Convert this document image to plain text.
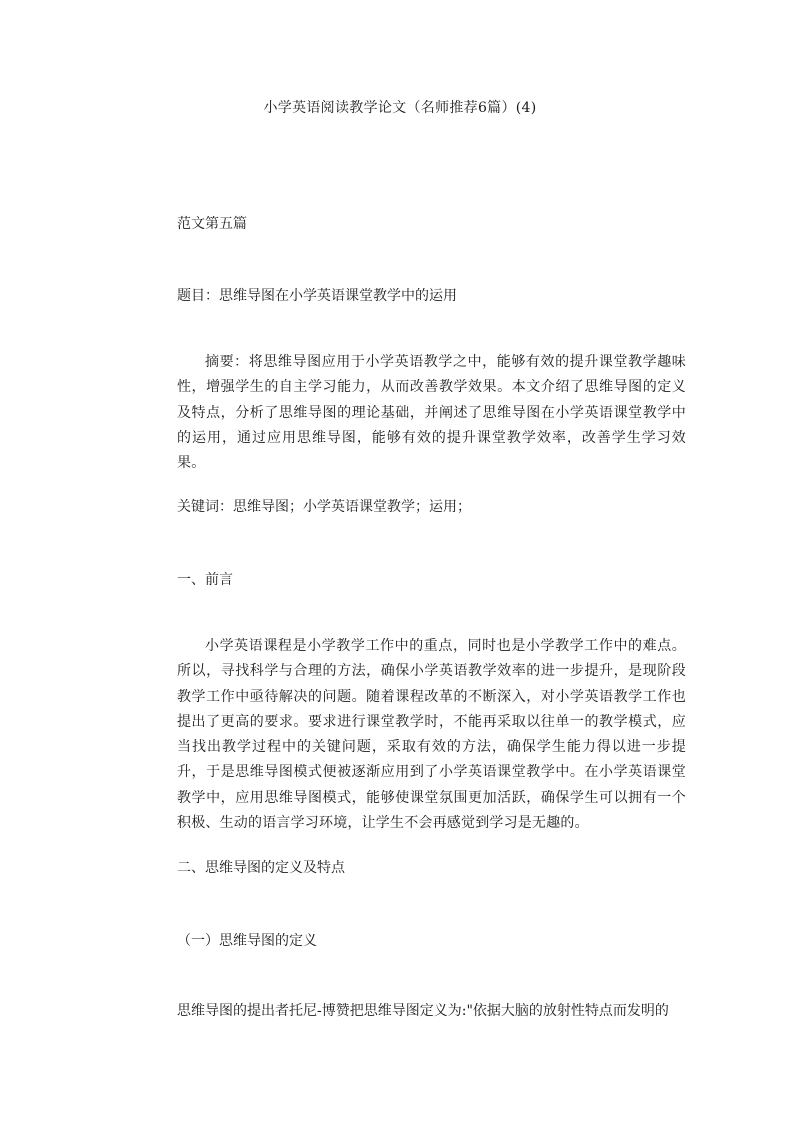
小学英语阅读教学论文（名师推荐6篇）(4)
范文第五篇
题目：思维导图在小学英语课堂教学中的运用
摘要：将思维导图应用于小学英语教学之中，能够有效的提升课堂教学趣味性，增强学生的自主学习能力，从而改善教学效果。本文介绍了思维导图的定义及特点，分析了思维导图的理论基础，并阐述了思维导图在小学英语课堂教学中的运用，通过应用思维导图，能够有效的提升课堂教学效率，改善学生学习效果。
关键词：思维导图；小学英语课堂教学；运用；
一、前言
小学英语课程是小学教学工作中的重点，同时也是小学教学工作中的难点。所以，寻找科学与合理的方法，确保小学英语教学效率的进一步提升，是现阶段教学工作中亟待解决的问题。随着课程改革的不断深入，对小学英语教学工作也提出了更高的要求。要求进行课堂教学时，不能再采取以往单一的教学模式，应当找出教学过程中的关键问题，采取有效的方法，确保学生能力得以进一步提升，于是思维导图模式便被逐渐应用到了小学英语课堂教学中。在小学英语课堂教学中，应用思维导图模式，能够使课堂氛围更加活跃，确保学生可以拥有一个积极、生动的语言学习环境，让学生不会再感觉到学习是无趣的。
二、思维导图的定义及特点
（一）思维导图的定义
思维导图的提出者托尼-博赞把思维导图定义为:"依据大脑的放射性特点而发明的
